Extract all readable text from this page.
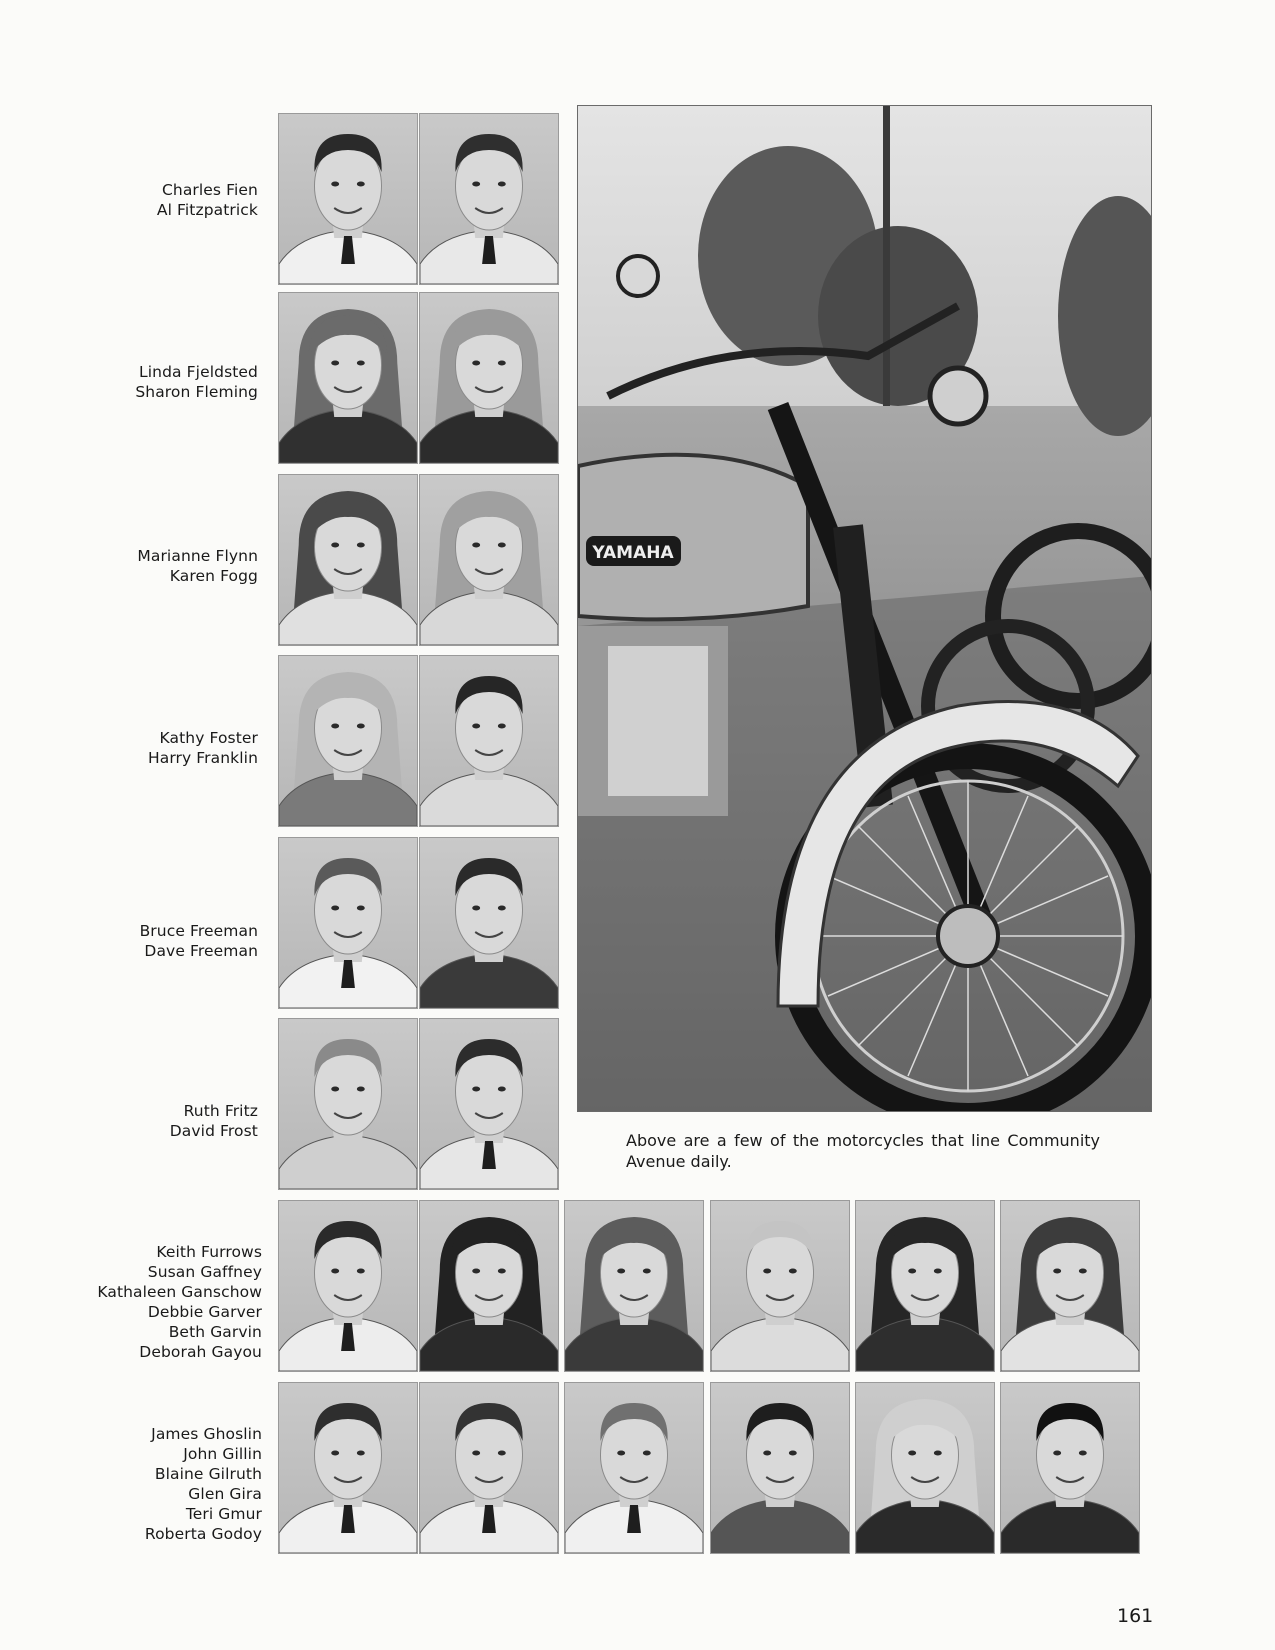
Charles Fien
Al Fitzpatrick
Linda Fjeldsted
Sharon Fleming
Marianne Flynn
Karen Fogg
Kathy Foster
Harry Franklin
Bruce Freeman
Dave Freeman
Ruth Fritz
David Frost
Keith Furrows
Susan Gaffney
Kathaleen Ganschow
Debbie Garver
Beth Garvin
Deborah Gayou
James Ghoslin
John Gillin
Blaine Gilruth
Glen Gira
Teri Gmur
Roberta Godoy
YAMAHA
Above are a few of the motorcycles that line Community Avenue daily.
161
